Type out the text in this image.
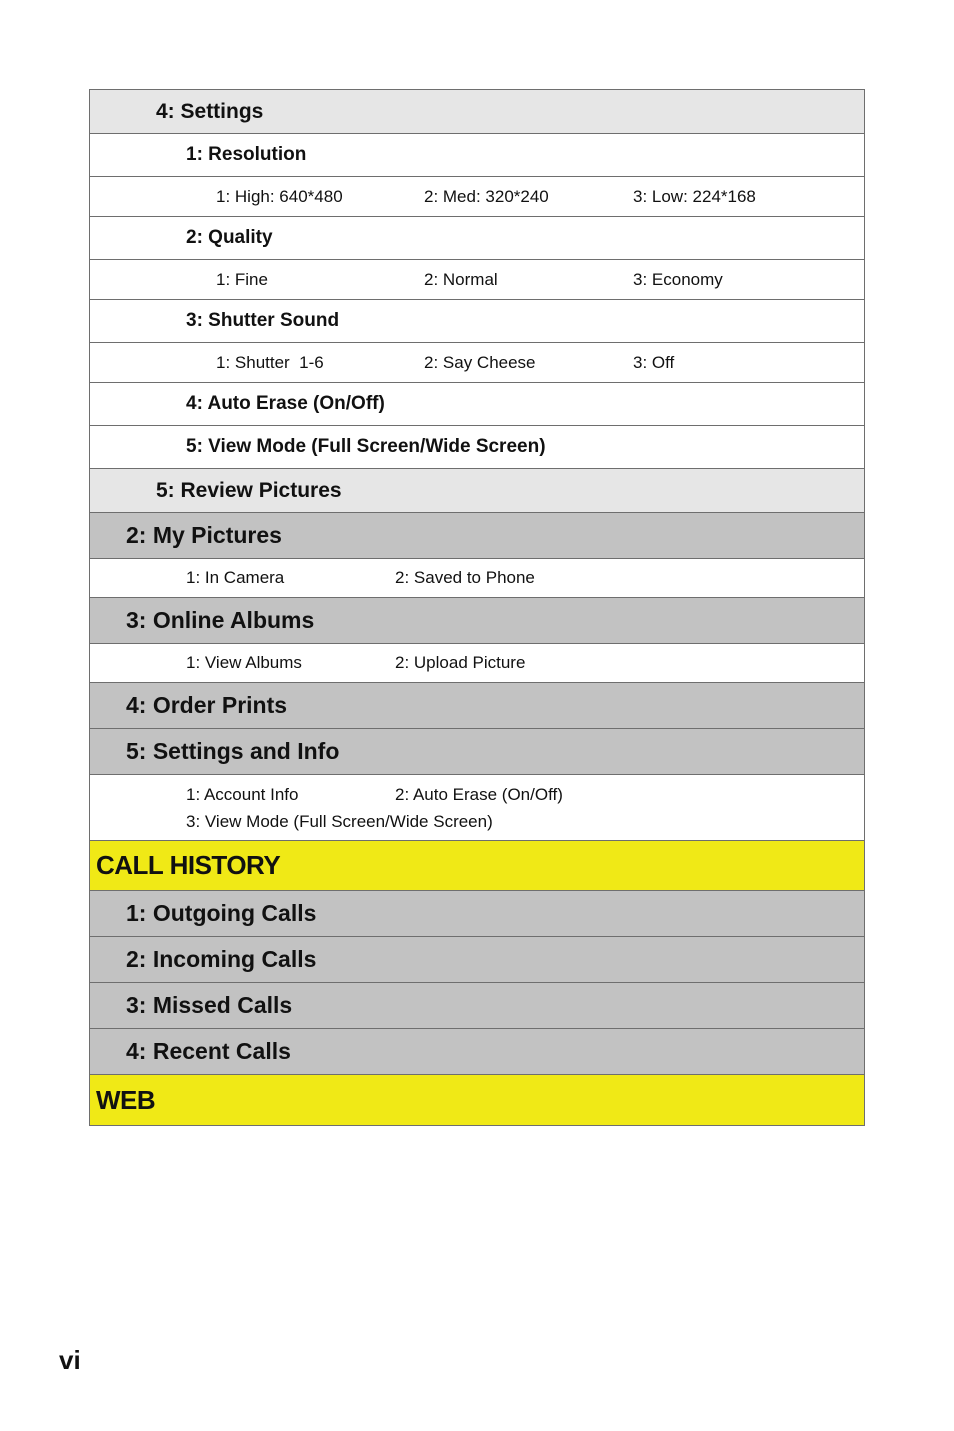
4: Settings
1: Resolution
1: High: 640*480	2: Med: 320*240	3: Low: 224*168
2: Quality
1: Fine	2: Normal	3: Economy
3: Shutter Sound
1: Shutter  1-6	2: Say Cheese	3: Off
4: Auto Erase (On/Off)
5: View Mode (Full Screen/Wide Screen)
5: Review Pictures
2: My Pictures
1: In Camera	2: Saved to Phone
3: Online Albums
1: View Albums	2: Upload Picture
4: Order Prints
5: Settings and Info
1: Account Info	2: Auto Erase (On/Off)
3: View Mode (Full Screen/Wide Screen)
CALL HISTORY
1: Outgoing Calls
2: Incoming Calls
3: Missed Calls
4: Recent Calls
WEB
vi
